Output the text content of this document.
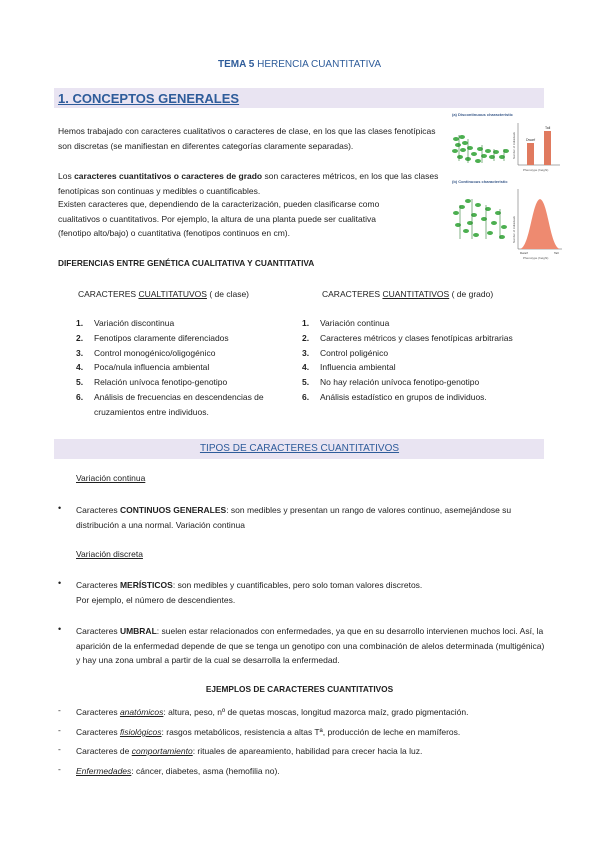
TEMA 5 HERENCIA CUANTITATIVA
1. CONCEPTOS GENERALES
Hemos trabajado con caracteres cualitativos o caracteres de clase, en los que las clases fenotípicas son discretas (se manifiestan en diferentes categorías claramente separadas).
Los caracteres cuantitativos o caracteres de grado son caracteres métricos, en los que las clases fenotípicas son continuas y medibles o cuantificables.
Existen caracteres que, dependiendo de la caracterización, pueden clasificarse como cualitativos o cuantitativos. Por ejemplo, la altura de una planta puede ser cualitativa (fenotipo alto/bajo) o cuantitativa (fenotipos continuos en cm).
(a) Discontinuous characteristic
Dwarf
Tall
Phenotype (height)
Number of individuals
(b) Continuous characteristic
Dwarf	Tall
Phenotype (height)
Number of individuals
DIFERENCIAS ENTRE GENÉTICA CUALITATIVA Y CUANTITATIVA
CARACTERES CUALTITATUVOS ( de clase)	CARACTERES CUANTITATIVOS ( de grado)
1. Variación discontinua
2. Fenotipos claramente diferenciados
3. Control monogénico/oligogénico
4. Poca/nula influencia ambiental
5. Relación unívoca fenotipo-genotipo
6. Análisis de frecuencias en descendencias de cruzamientos entre individuos.
1. Variación continua
2. Caracteres métricos y clases fenotípicas arbitrarias
3. Control poligénico
4. Influencia ambiental
5. No hay relación unívoca fenotipo-genotipo
6. Análisis estadístico en grupos de individuos.
TIPOS DE CARACTERES CUANTITATIVOS
Variación continua
• Caracteres CONTINUOS GENERALES: son medibles y presentan un rango de valores continuo, asemejándose su distribución a una normal. Variación continua
Variación discreta
• Caracteres MERÍSTICOS: son medibles y cuantificables, pero solo toman valores discretos.
Por ejemplo, el número de descendientes.
• Caracteres UMBRAL: suelen estar relacionados con enfermedades, ya que en su desarrollo intervienen muchos loci. Así, la aparición de la enfermedad depende de que se tenga un genotipo con una combinación de alelos determinada (multigénica) y hay una zona umbral a partir de la cual se desarrolla la enfermedad.
EJEMPLOS DE CARACTERES CUANTITATIVOS
- Caracteres anatómicos: altura, peso, nº de quetas moscas, longitud mazorca maíz, grado pigmentación.
- Caracteres fisiológicos: rasgos metabólicos, resistencia a altas Tª, producción de leche en mamíferos.
- Caracteres de comportamiento: rituales de apareamiento, habilidad para crecer hacia la luz.
- Enfermedades: cáncer, diabetes, asma (hemofilia no).
